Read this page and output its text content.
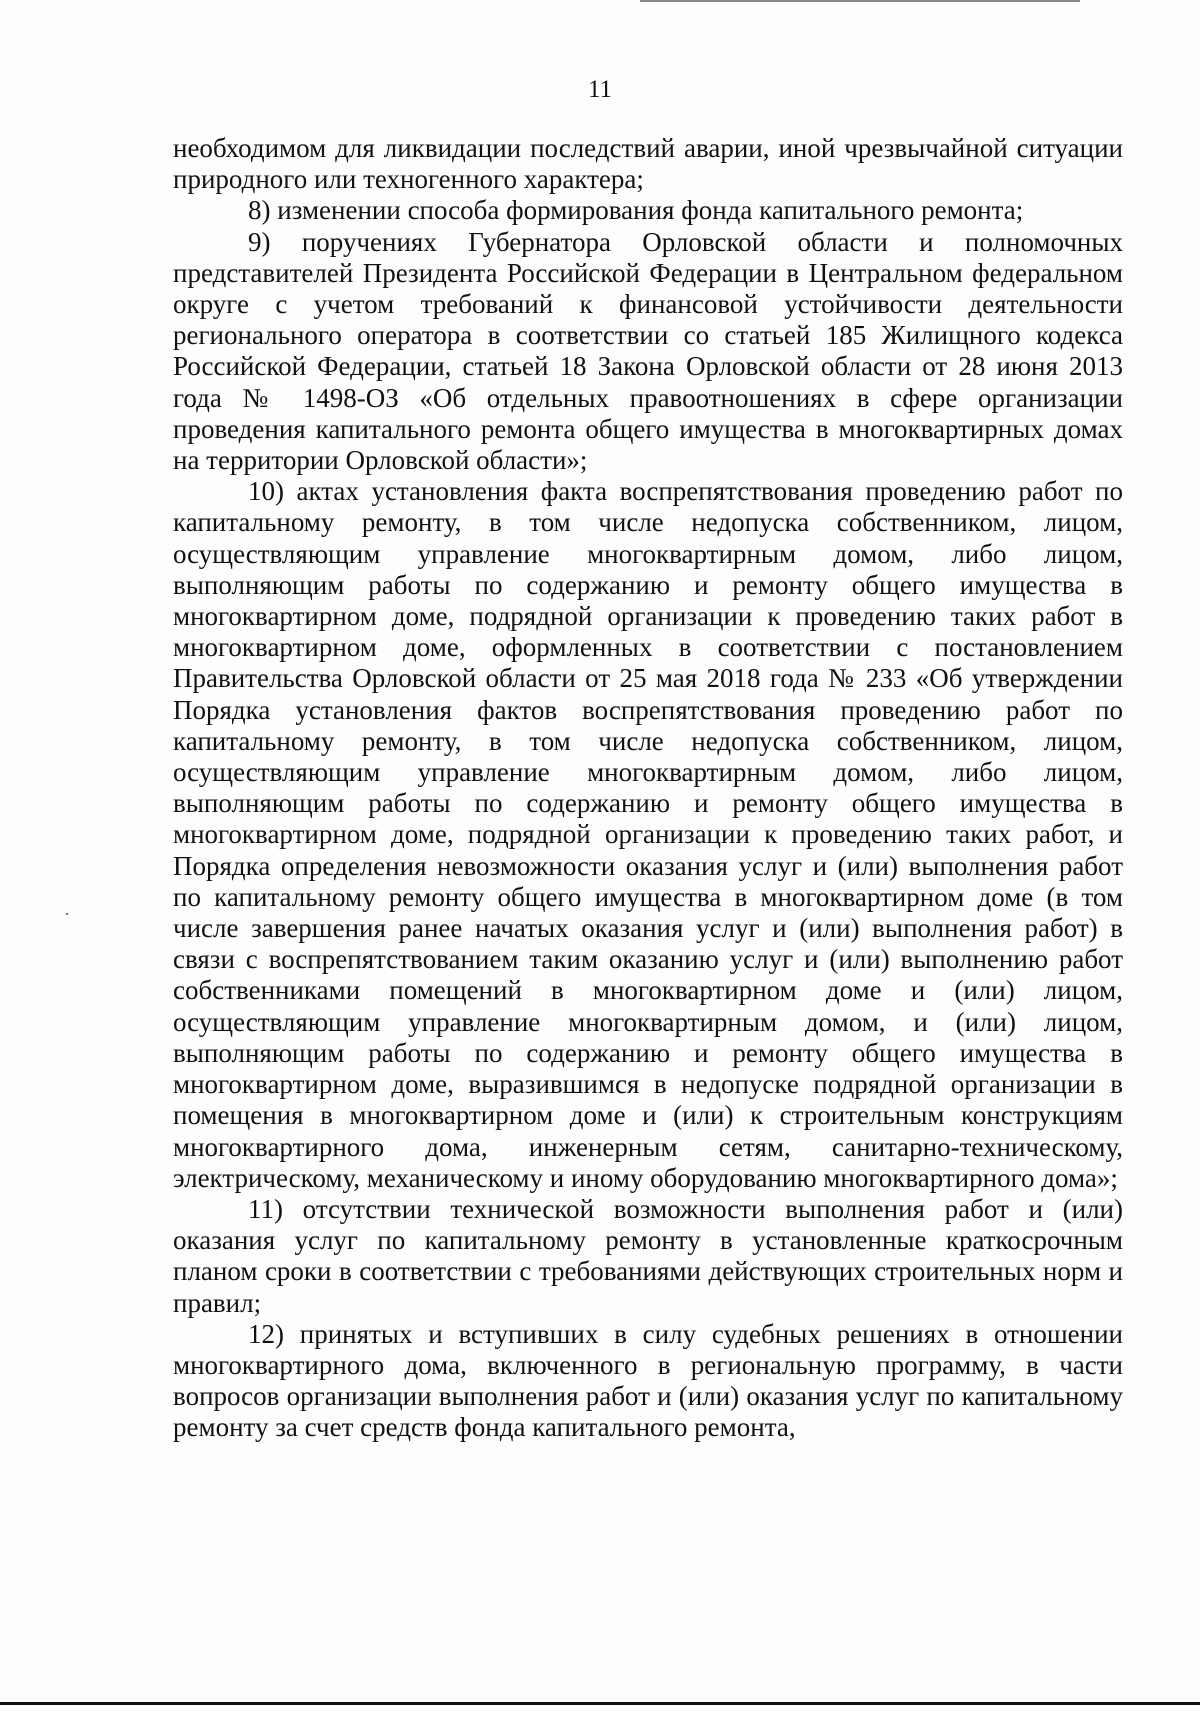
11

необходимом для ликвидации последствий аварии, иной чрезвычайной ситуации природного или техногенного характера;

8) изменении способа формирования фонда капитального ремонта;

9) поручениях Губернатора Орловской области и полномочных представителей Президента Российской Федерации в Центральном федеральном округе с учетом требований к финансовой устойчивости деятельности регионального оператора в соответствии со статьей 185 Жилищного кодекса Российской Федерации, статьей 18 Закона Орловской области от 28 июня 2013 года № 1498-ОЗ «Об отдельных правоотношениях в сфере организации проведения капитального ремонта общего имущества в многоквартирных домах на территории Орловской области»;

10) актах установления факта воспрепятствования проведению работ по капитальному ремонту, в том числе недопуска собственником, лицом, осуществляющим управление многоквартирным домом, либо лицом, выполняющим работы по содержанию и ремонту общего имущества в многоквартирном доме, подрядной организации к проведению таких работ в многоквартирном доме, оформленных в соответствии с постановлением Правительства Орловской области от 25 мая 2018 года № 233 «Об утверждении Порядка установления фактов воспрепятствования проведению работ по капитальному ремонту, в том числе недопуска собственником, лицом, осуществляющим управление многоквартирным домом, либо лицом, выполняющим работы по содержанию и ремонту общего имущества в многоквартирном доме, подрядной организации к проведению таких работ, и Порядка определения невозможности оказания услуг и (или) выполнения работ по капитальному ремонту общего имущества в многоквартирном доме (в том числе завершения ранее начатых оказания услуг и (или) выполнения работ) в связи с воспрепятствованием таким оказанию услуг и (или) выполнению работ собственниками помещений в многоквартирном доме и (или) лицом, осуществляющим управление многоквартирным домом, и (или) лицом, выполняющим работы по содержанию и ремонту общего имущества в многоквартирном доме, выразившимся в недопуске подрядной организации в помещения в многоквартирном доме и (или) к строительным конструкциям многоквартирного дома, инженерным сетям, санитарно-техническому, электрическому, механическому и иному оборудованию многоквартирного дома»;

11) отсутствии технической возможности выполнения работ и (или) оказания услуг по капитальному ремонту в установленные краткосрочным планом сроки в соответствии с требованиями действующих строительных норм и правил;

12) принятых и вступивших в силу судебных решениях в отношении многоквартирного дома, включенного в региональную программу, в части вопросов организации выполнения работ и (или) оказания услуг по капитальному ремонту за счет средств фонда капитального ремонта,
